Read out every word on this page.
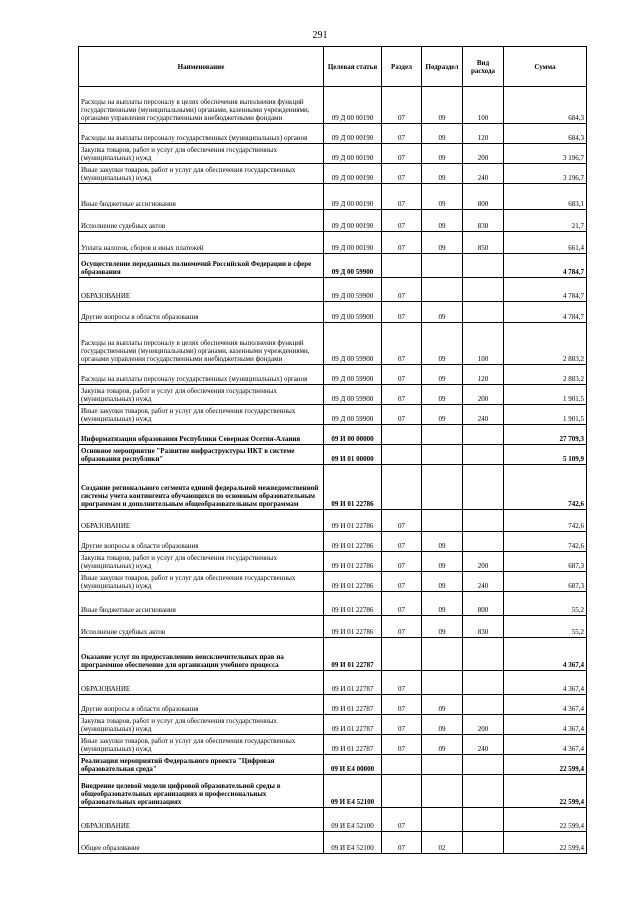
291
Наименование	Целевая статья	Раздел	Подраздел	Вид расхода	Сумма
Расходы на выплаты персоналу в целях обеспечения выполнения функций государственными (муниципальными) органами, казенными учреждениями, органами управления государственными внебюджетными фондами	09 Д 00 00190	07	09	100	684,3
Расходы на выплаты персоналу государственных (муниципальных) органов	09 Д 00 00190	07	09	120	684,3
Закупка товаров, работ и услуг для обеспечения государственных (муниципальных) нужд	09 Д 00 00190	07	09	200	3 196,7
Иные закупки товаров, работ и услуг для обеспечения государственных (муниципальных) нужд	09 Д 00 00190	07	09	240	3 196,7
Иные бюджетные ассигнования	09 Д 00 00190	07	09	800	683,1
Исполнение судебных актов	09 Д 00 00190	07	09	830	21,7
Уплата налогов, сборов и иных платежей	09 Д 00 00190	07	09	850	661,4
Осуществление переданных полномочий Российской Федерации в сфере образования	09 Д 00 59900				4 784,7
ОБРАЗОВАНИЕ	09 Д 00 59900	07			4 784,7
Другие вопросы в области образования	09 Д 00 59900	07	09		4 784,7
Расходы на выплаты персоналу в целях обеспечения выполнения функций государственными (муниципальными) органами, казенными учреждениями, органами управления государственными внебюджетными фондами	09 Д 00 59900	07	09	100	2 883,2
Расходы на выплаты персоналу государственных (муниципальных) органов	09 Д 00 59900	07	09	120	2 883,2
Закупка товаров, работ и услуг для обеспечения государственных (муниципальных) нужд	09 Д 00 59900	07	09	200	1 901,5
Иные закупки товаров, работ и услуг для обеспечения государственных (муниципальных) нужд	09 Д 00 59900	07	09	240	1 901,5
Информатизация образования Республики Северная Осетия-Алания	09 И 00 00000				27 709,3
Основное мероприятие "Развитие инфраструктуры ИКТ в системе образования республики"	09 И 01 00000				5 109,9
Создание регионального сегмента единой федеральной межведомственной системы учета контингента обучающихся по основным образовательным программам и дополнительным общеобразовательным программам	09 И 01 22786				742,6
ОБРАЗОВАНИЕ	09 И 01 22786	07			742,6
Другие вопросы в области образования	09 И 01 22786	07	09		742,6
Закупка товаров, работ и услуг для обеспечения государственных (муниципальных) нужд	09 И 01 22786	07	09	200	687,3
Иные закупки товаров, работ и услуг для обеспечения государственных (муниципальных) нужд	09 И 01 22786	07	09	240	687,3
Иные бюджетные ассигнования	09 И 01 22786	07	09	800	55,2
Исполнение судебных актов	09 И 01 22786	07	09	830	55,2
Оказание услуг по предоставлению неисключительных прав на программное обеспечение для организации учебного процесса	09 И 01 22787				4 367,4
ОБРАЗОВАНИЕ	09 И 01 22787	07			4 367,4
Другие вопросы в области образования	09 И 01 22787	07	09		4 367,4
Закупка товаров, работ и услуг для обеспечения государственных (муниципальных) нужд	09 И 01 22787	07	09	200	4 367,4
Иные закупки товаров, работ и услуг для обеспечения государственных (муниципальных) нужд	09 И 01 22787	07	09	240	4 367,4
Реализация мероприятий Федерального проекта "Цифровая образовательная среда"	09 И Е4 00000				22 599,4
Внедрение целевой модели цифровой образовательной среды в общеобразовательных организациях и профессиональных образовательных организациях	09 И Е4 52100				22 599,4
ОБРАЗОВАНИЕ	09 И Е4 52100	07			22 599,4
Общее образование	09 И Е4 52100	07	02		22 599,4
